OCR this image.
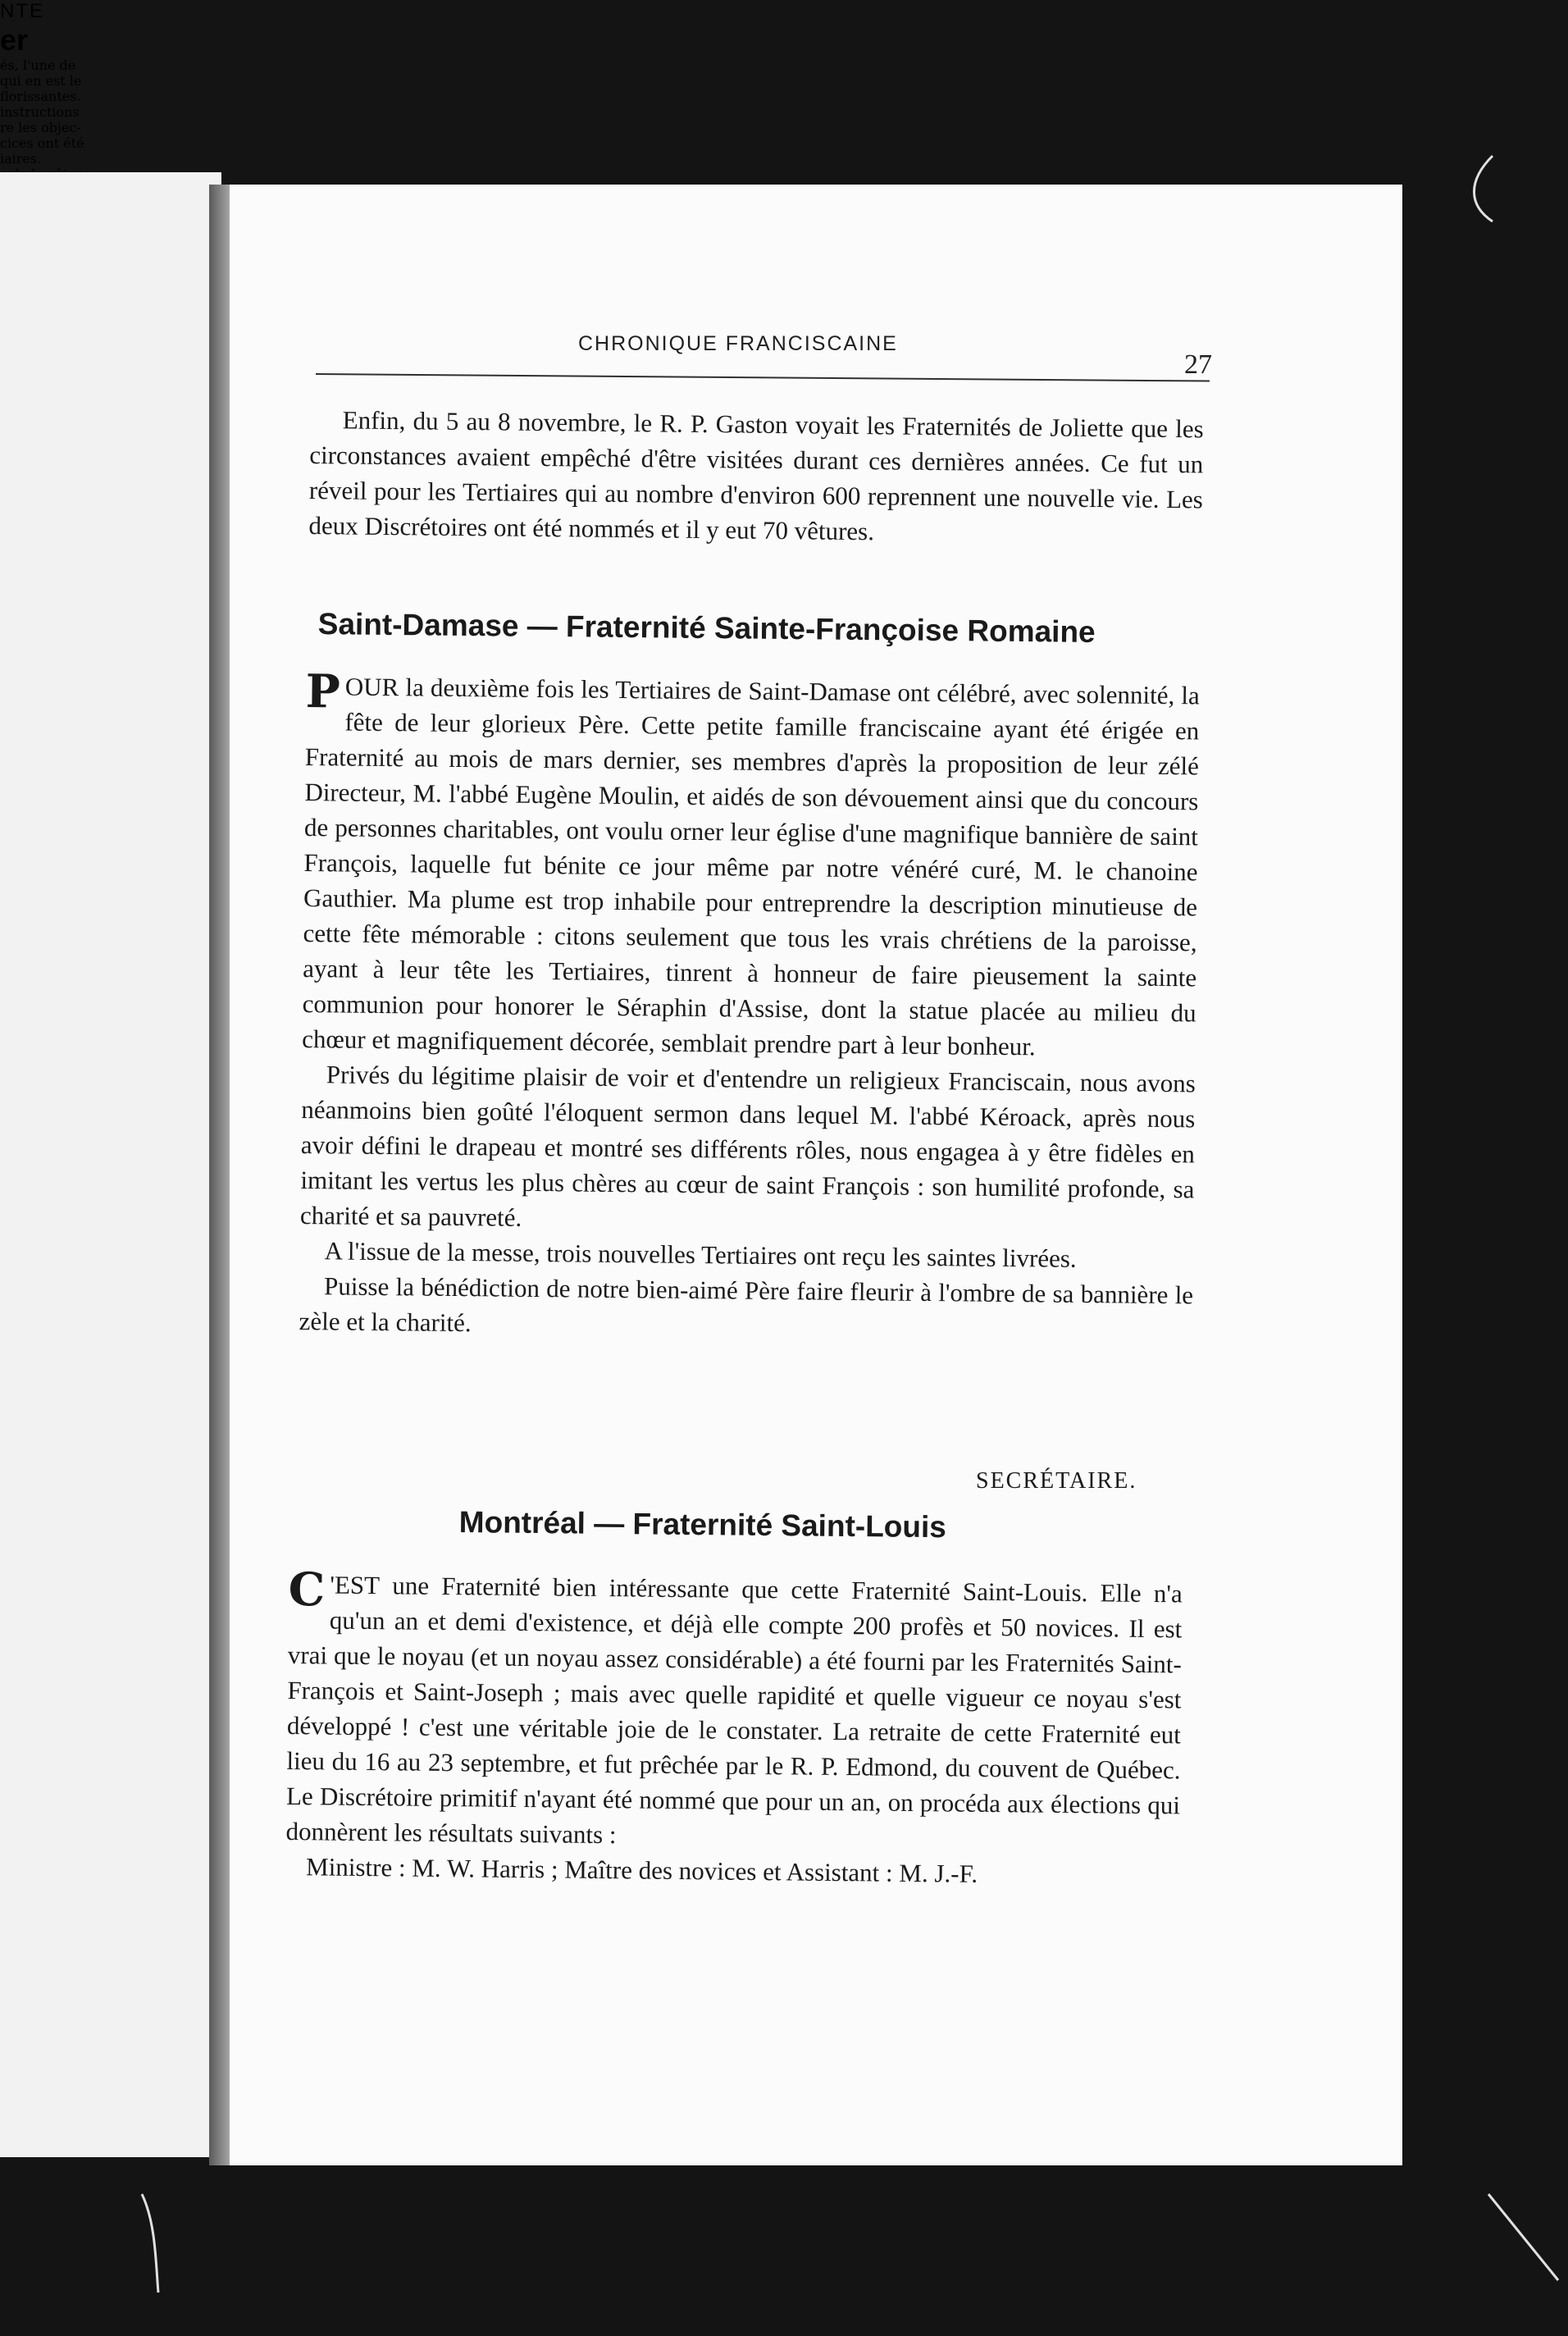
NTE
er
és, l'une de
qui en est le
florissantes.
instructions
re les objec-
cices ont été
iaires.
CHRONIQUE FRANCISCAINE
27

Enfin, du 5 au 8 novembre, le R. P. Gaston voyait les Fraternités de Joliette que les circonstances avaient empêché d'être visitées durant ces dernières années. Ce fut un réveil pour les Tertiaires qui au nombre d'environ 600 reprennent une nouvelle vie. Les deux Discrétoires ont été nommés et il y eut 70 vêtures.

Saint-Damase — Fraternité Sainte-Françoise Romaine

POUR la deuxième fois les Tertiaires de Saint-Damase ont célébré, avec solennité, la fête de leur glorieux Père. Cette petite famille franciscaine ayant été érigée en Fraternité au mois de mars dernier, ses membres d'après la proposition de leur zélé Directeur, M. l'abbé Eugène Moulin, et aidés de son dévouement ainsi que du concours de personnes charitables, ont voulu orner leur église d'une magnifique bannière de saint François, laquelle fut bénite ce jour même par notre vénéré curé, M. le chanoine Gauthier. Ma plume est trop inhabile pour entreprendre la description minutieuse de cette fête mémorable : citons seulement que tous les vrais chrétiens de la paroisse, ayant à leur tête les Tertiaires, tinrent à honneur de faire pieusement la sainte communion pour honorer le Séraphin d'Assise, dont la statue placée au milieu du chœur et magnifiquement décorée, semblait prendre part à leur bonheur.

Privés du légitime plaisir de voir et d'entendre un religieux Franciscain, nous avons néanmoins bien goûté l'éloquent sermon dans lequel M. l'abbé Kéroack, après nous avoir défini le drapeau et montré ses différents rôles, nous engagea à y être fidèles en imitant les vertus les plus chères au cœur de saint François : son humilité profonde, sa charité et sa pauvreté.

A l'issue de la messe, trois nouvelles Tertiaires ont reçu les saintes livrées.

Puisse la bénédiction de notre bien-aimé Père faire fleurir à l'ombre de sa bannière le zèle et la charité.

SECRÉTAIRE.
Montréal — Fraternité Saint-Louis

C 'EST une Fraternité bien intéressante que cette Fraternité Saint-Louis. Elle n'a qu'un an et demi d'existence, et déjà elle compte 200 profès et 50 novices. Il est vrai que le noyau (et un noyau assez considérable) a été fourni par les Fraternités Saint-François et Saint-Joseph ; mais avec quelle rapidité et quelle vigueur ce noyau s'est développé ! c'est une véritable joie de le constater. La retraite de cette Fraternité eut lieu du 16 au 23 septembre, et fut prêchée par le R. P. Edmond, du couvent de Québec. Le Discrétoire primitif n'ayant été nommé que pour un an, on procéda aux élections qui donnèrent les résultats suivants :

Ministre : M. W. Harris ; Maître des novices et Assistant : M. J.-F.
